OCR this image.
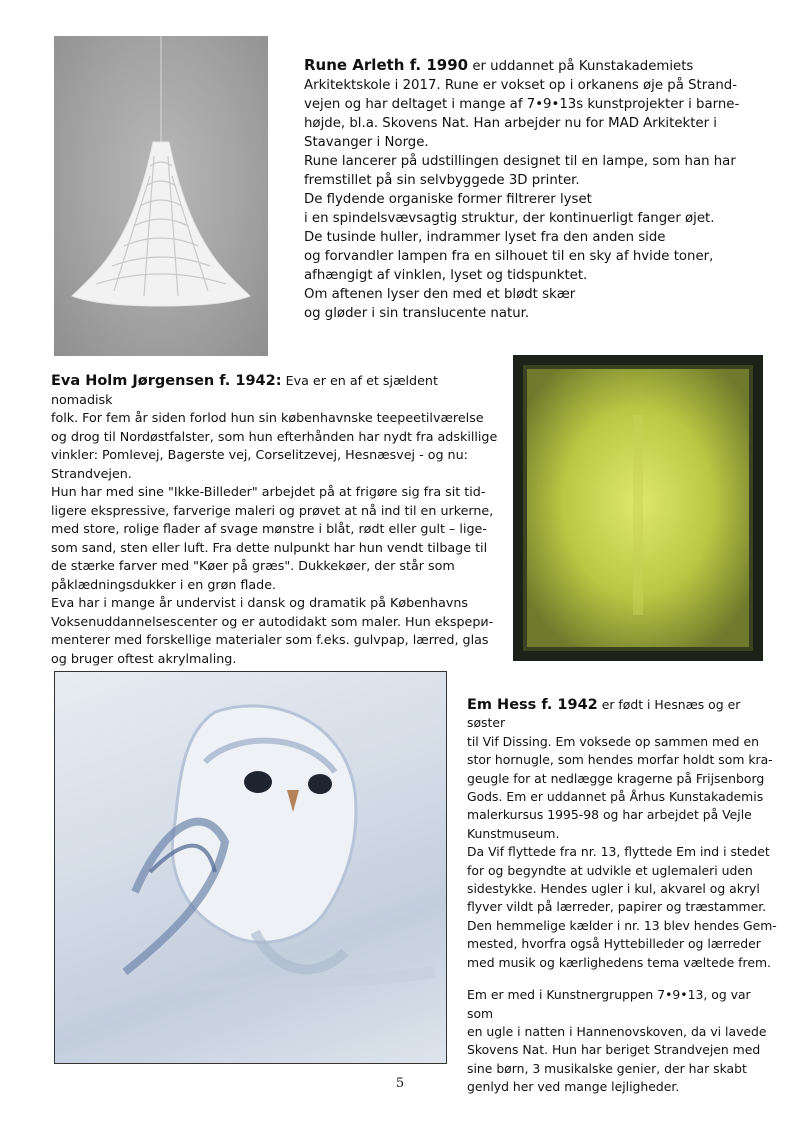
Rune Arleth f. 1990 er uddannet på Kunstakademiets

Arkitektskole i 2017. Rune er vokset op i orkanens øje på Strand-

vejen og har deltaget i mange af 7•9•13s kunstprojekter i barne-

højde, bl.a. Skovens Nat. Han arbejder nu for MAD Arkitekter i

Stavanger i Norge.

Rune lancerer på udstillingen designet til en lampe, som han har

fremstillet på sin selvbyggede 3D printer.

De flydende organiske former filtrerer lyset

i en spindelsvævsagtig struktur, der kontinuerligt fanger øjet.

De tusinde huller, indrammer lyset fra den anden side

og forvandler lampen fra en silhouet til en sky af hvide toner,

afhængigt af vinklen, lyset og tidspunktet.

Om aftenen lyser den med et blødt skær

og gløder i sin translucente natur.

Eva Holm Jørgensen f. 1942: Eva er en af et sjældent nomadisk

folk. For fem år siden forlod hun sin københavnske teepeetilværelse

og drog til Nordøstfalster, som hun efterhånden har nydt fra adskillige

vinkler: Pomlevej, Bagerste vej, Corselitzevej, Hesnæsvej - og nu:

Strandvejen.

Hun har med sine "Ikke-Billeder" arbejdet på at frigøre sig fra sit tid-

ligere ekspressive, farverige maleri og prøvet at nå ind til en urkerne,

med store, rolige flader af svage mønstre i blåt, rødt eller gult – lige-

som sand, sten eller luft. Fra dette nulpunkt har hun vendt tilbage til

de stærke farver med "Køer på græs". Dukkekøer, der står som

påklædningsdukker i en grøn flade.

Eva har i mange år undervist i dansk og dramatik på Københavns

Voksenuddannelsescenter og er autodidakt som maler. Hun ekspери-

menterer med forskellige materialer som f.eks. gulvpap, lærred, glas

og bruger oftest akrylmaling.

Em Hess f. 1942 er født i Hesnæs og er søster

til Vif Dissing. Em voksede op sammen med en

stor hornugle, som hendes morfar holdt som kra-

geugle for at nedlægge kragerne på Frijsenborg

Gods. Em er uddannet på Århus Kunstakademis

malerkursus 1995-98 og har arbejdet på Vejle

Kunstmuseum.

Da Vif flyttede fra nr. 13, flyttede Em ind i stedet

for og begyndte at udvikle et uglemaleri uden

sidestykke. Hendes ugler i kul, akvarel og akryl

flyver vildt på lærreder, papirer og træstammer.

Den hemmelige kælder i nr. 13 blev hendes Gem-

mested, hvorfra også Hyttebilleder og lærreder

med musik og kærlighedens tema væltede frem.

Em er med i Kunstnergruppen 7•9•13, og var som

en ugle i natten i Hannenovskoven, da vi lavede

Skovens Nat. Hun har beriget Strandvejen med

sine børn, 3 musikalske genier, der har skabt

genlyd her ved mange lejligheder.

5
